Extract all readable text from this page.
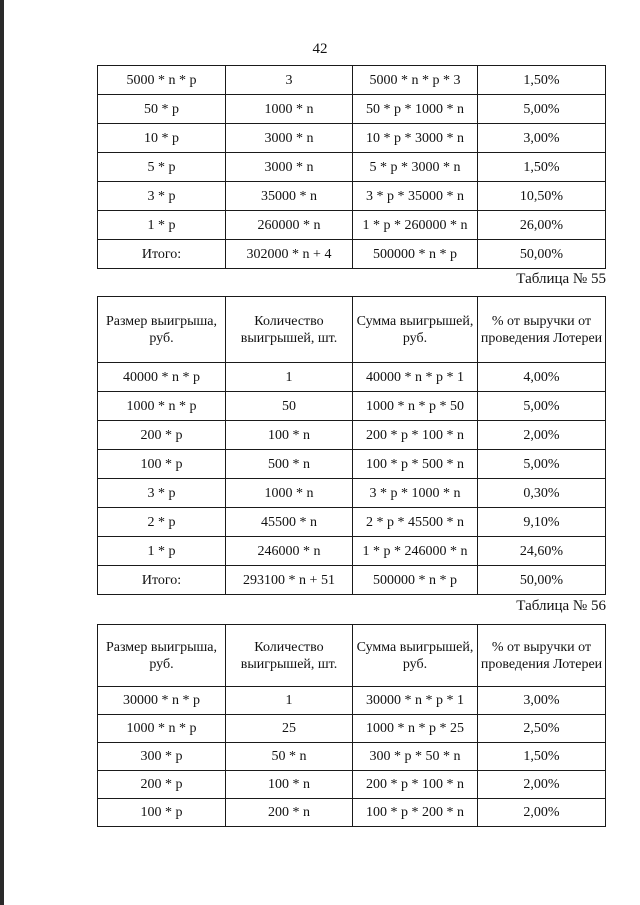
42
5000 * n * p	3	5000 * n * p * 3	1,50%
50 * p	1000 * n	50 * p * 1000 * n	5,00%
10 * p	3000 * n	10 * p * 3000 * n	3,00%
5 * p	3000 * n	5 * p * 3000 * n	1,50%
3 * p	35000 * n	3 * p * 35000 * n	10,50%
1 * p	260000 * n	1 * p * 260000 * n	26,00%
Итого:	302000 * n + 4	500000 * n * p	50,00%
Таблица № 55
Размер выигрыша, руб.	Количество выигрышей, шт.	Сумма выигрышей, руб.	% от выручки от проведения Лотереи
40000 * n * p	1	40000 * n * p * 1	4,00%
1000 * n * p	50	1000 * n * p * 50	5,00%
200 * p	100 * n	200 * p * 100 * n	2,00%
100 * p	500 * n	100 * p * 500 * n	5,00%
3 * p	1000 * n	3 * p * 1000 * n	0,30%
2 * p	45500 * n	2 * p * 45500 * n	9,10%
1 * p	246000 * n	1 * p * 246000 * n	24,60%
Итого:	293100 * n + 51	500000 * n * p	50,00%
Таблица № 56
Размер выигрыша, руб.	Количество выигрышей, шт.	Сумма выигрышей, руб.	% от выручки от проведения Лотереи
30000 * n * p	1	30000 * n * p * 1	3,00%
1000 * n * p	25	1000 * n * p * 25	2,50%
300 * p	50 * n	300 * p * 50 * n	1,50%
200 * p	100 * n	200 * p * 100 * n	2,00%
100 * p	200 * n	100 * p * 200 * n	2,00%
